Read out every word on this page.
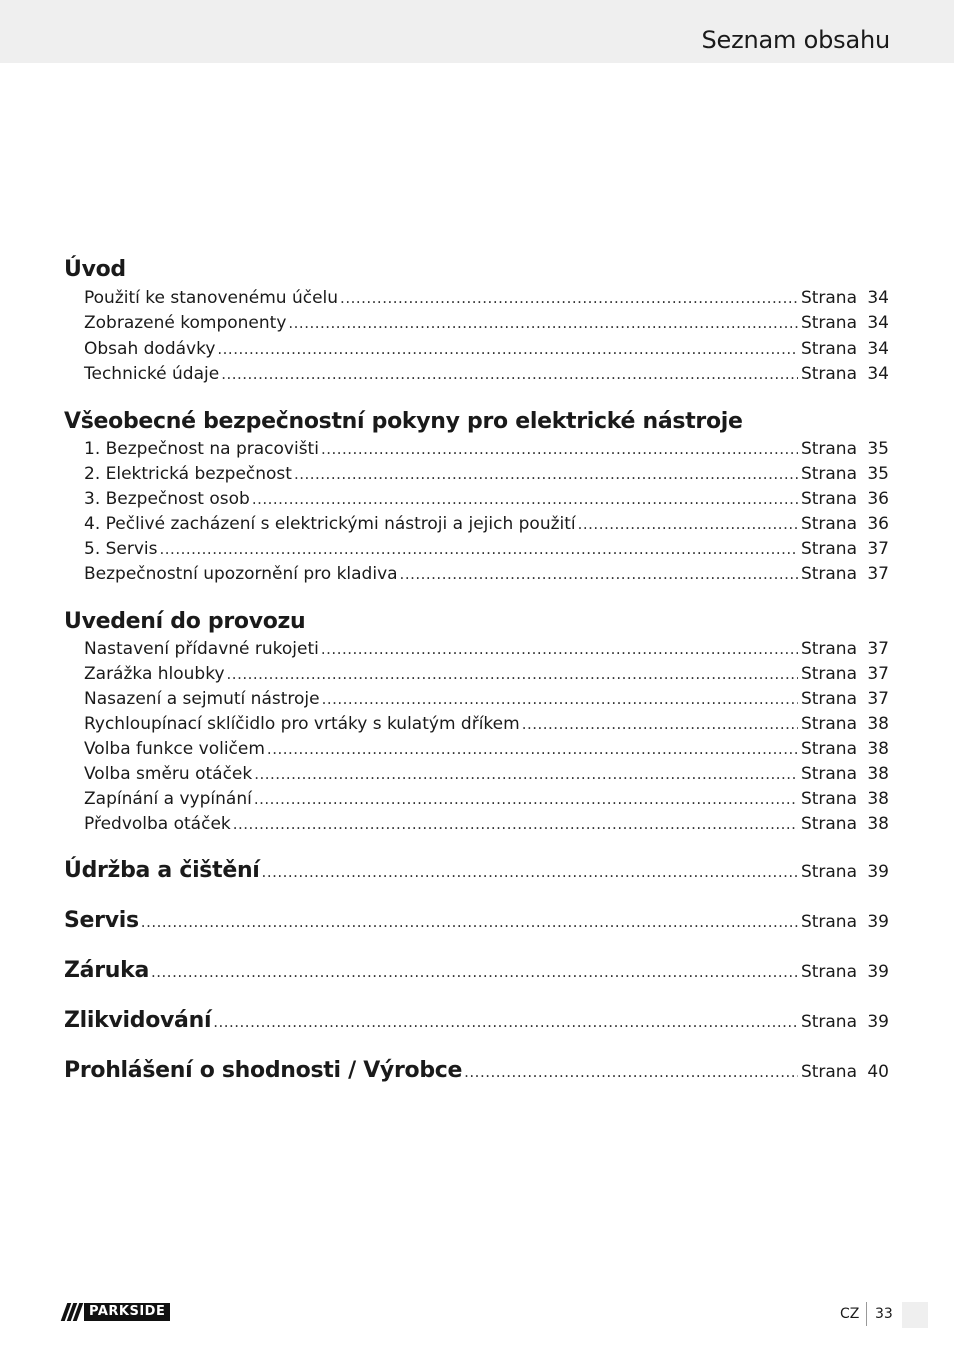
Seznam obsahu
Úvod
Použití ke stanovenému účelu .....	Strana 34
Zobrazené komponenty .....	Strana 34
Obsah dodávky .....	Strana 34
Technické údaje .....	Strana 34
Všeobecné bezpečnostní pokyny pro elektrické nástroje
1. Bezpečnost na pracovišti .....	Strana 35
2. Elektrická bezpečnost .....	Strana 35
3. Bezpečnost osob .....	Strana 36
4. Pečlivé zacházení s elektrickými nástroji a jejich použití .....	Strana 36
5. Servis .....	Strana 37
Bezpečnostní upozornění pro kladiva .....	Strana 37
Uvedení do provozu
Nastavení přídavné rukojeti .....	Strana 37
Zarážka hloubky .....	Strana 37
Nasazení a sejmutí nástroje .....	Strana 37
Rychloupínací sklíčidlo pro vrtáky s kulatým dříkem .....	Strana 38
Volba funkce voličem .....	Strana 38
Volba směru otáček .....	Strana 38
Zapínání a vypínání .....	Strana 38
Předvolba otáček .....	Strana 38
Údržba a čištění .....	Strana 39
Servis .....	Strana 39
Záruka .....	Strana 39
Zlikvidování .....	Strana 39
Prohlášení o shodnosti / Výrobce .....	Strana 40
PARKSIDE	CZ 33
